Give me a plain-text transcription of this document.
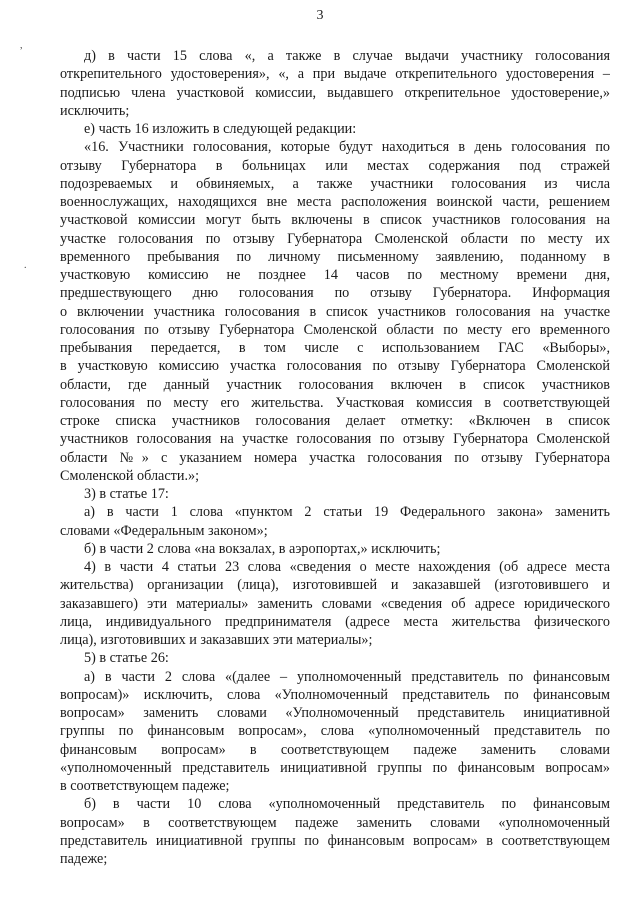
3
,
.
д) в части 15 слова «, а также в случае выдачи участнику голосования
открепительного удостоверения», «, а при выдаче открепительного удостоверения –
подписью члена участковой комиссии, выдавшего открепительное удостоверение,»
исключить;
е) часть 16 изложить в следующей редакции:
«16. Участники голосования, которые будут находиться в день голосования по
отзыву Губернатора в больницах или местах содержания под стражей
подозреваемых и обвиняемых, а также участники голосования из числа
военнослужащих, находящихся вне места расположения воинской части, решением
участковой комиссии могут быть включены в список участников голосования на
участке голосования по отзыву Губернатора Смоленской области по месту их
временного пребывания по личному письменному заявлению, поданному в
участковую комиссию не позднее 14 часов по местному времени дня,
предшествующего дню голосования по отзыву Губернатора. Информация
о включении участника голосования в список участников голосования на участке
голосования по отзыву Губернатора Смоленской области по месту его временного
пребывания передается, в том числе с использованием ГАС «Выборы»,
в участковую комиссию участка голосования по отзыву Губернатора Смоленской
области, где данный участник голосования включен в список участников
голосования по месту его жительства. Участковая комиссия в соответствующей
строке списка участников голосования делает отметку: «Включен в список
участников голосования на участке голосования по отзыву Губернатора Смоленской
области №» с указанием номера участка голосования по отзыву Губернатора
Смоленской области.»;
3) в статье 17:
а) в части 1 слова «пунктом 2 статьи 19 Федерального закона» заменить
словами «Федеральным законом»;
б) в части 2 слова «на вокзалах, в аэропортах,» исключить;
4) в части 4 статьи 23 слова «сведения о месте нахождения (об адресе места
жительства) организации (лица), изготовившей и заказавшей (изготовившего и
заказавшего) эти материалы» заменить словами «сведения об адресе юридического
лица, индивидуального предпринимателя (адресе места жительства физического
лица), изготовивших и заказавших эти материалы»;
5) в статье 26:
а) в части 2 слова «(далее – уполномоченный представитель по финансовым
вопросам)» исключить, слова «Уполномоченный представитель по финансовым
вопросам» заменить словами «Уполномоченный представитель инициативной
группы по финансовым вопросам», слова «уполномоченный представитель по
финансовым вопросам» в соответствующем падеже заменить словами
«уполномоченный представитель инициативной группы по финансовым вопросам»
в соответствующем падеже;
б) в части 10 слова «уполномоченный представитель по финансовым
вопросам» в соответствующем падеже заменить словами «уполномоченный
представитель инициативной группы по финансовым вопросам» в соответствующем
падеже;
